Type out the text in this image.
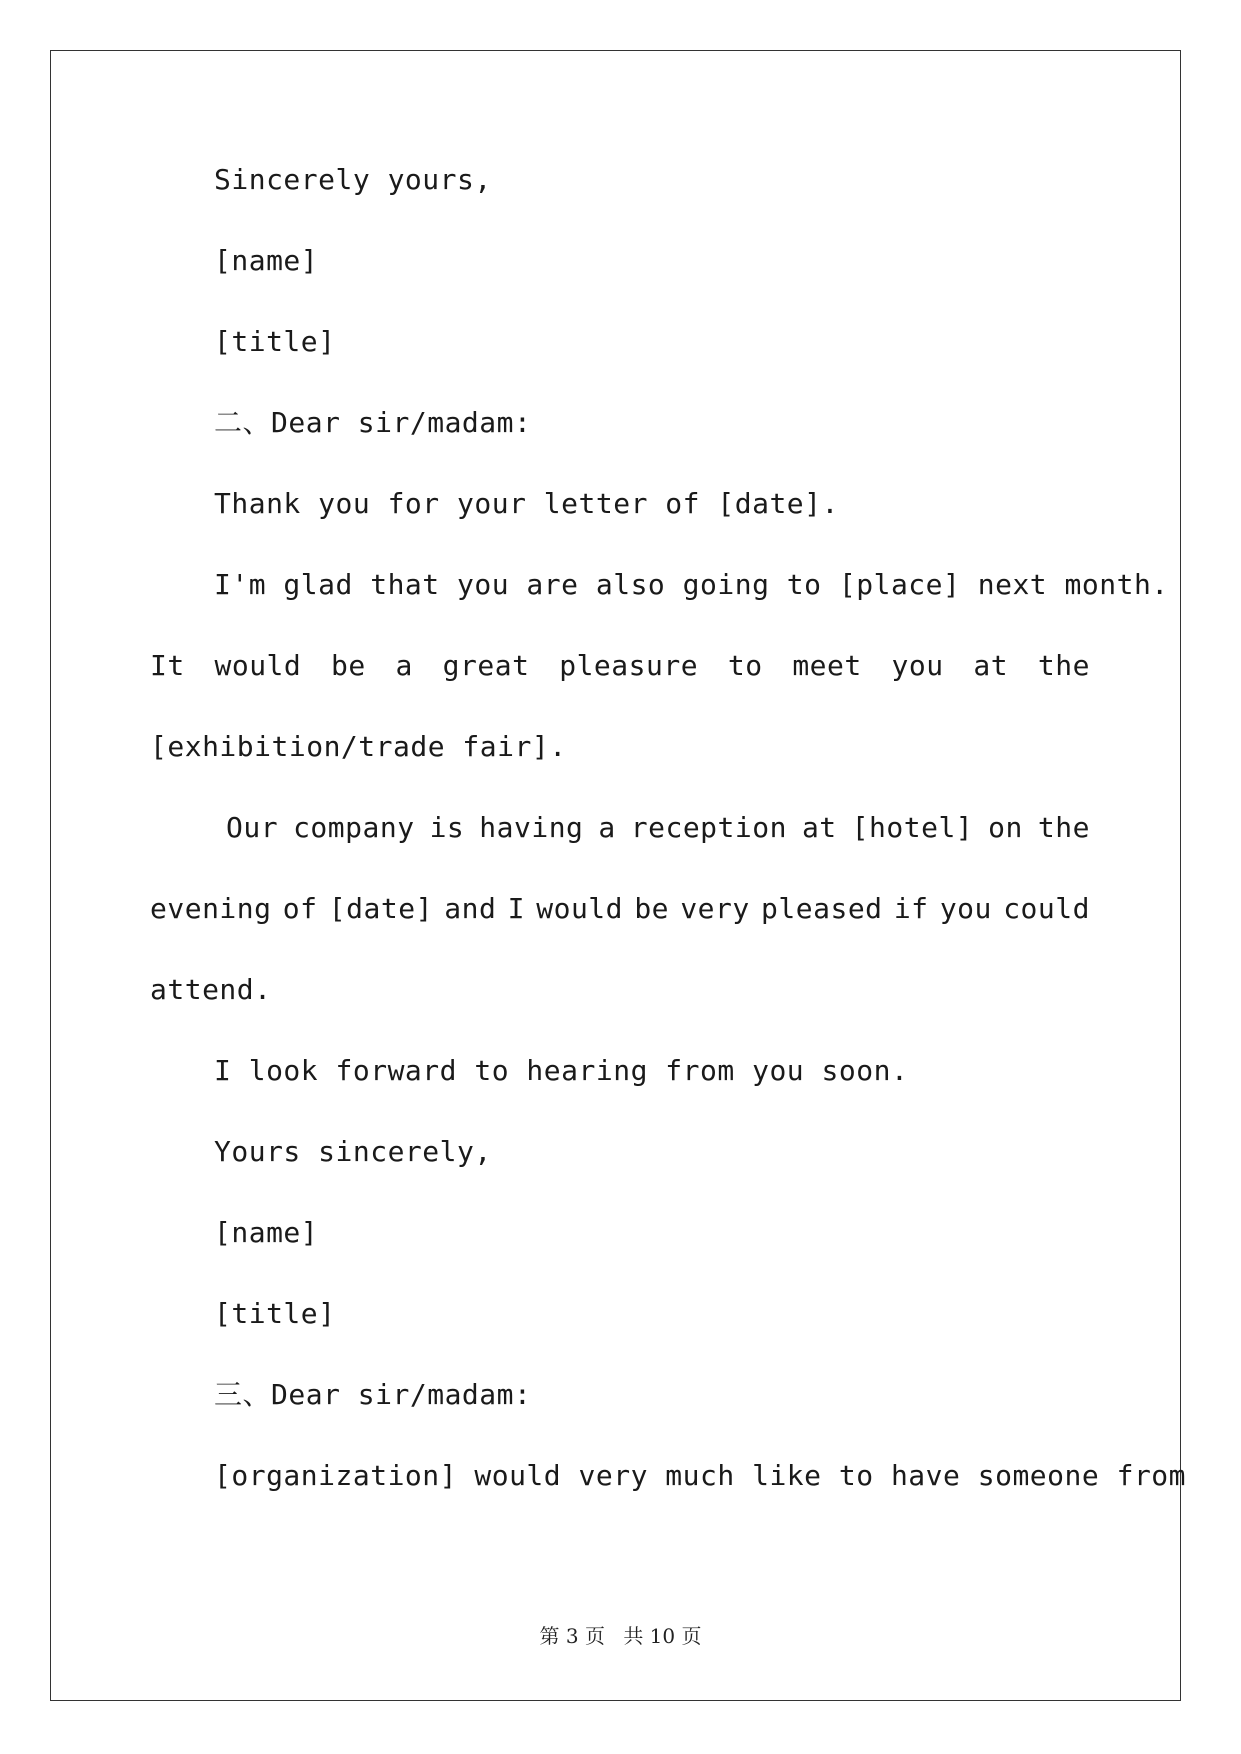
Sincerely yours,
[name]
[title]
二、Dear sir/madam:
Thank you for your letter of [date].
I'm glad that you are also going to [place] next month.
It would be a great pleasure to meet you at the
[exhibition/trade fair].
Our company is having a reception at [hotel] on the
evening of [date] and I would be very pleased if you could
attend.
I look forward to hearing from you soon.
Yours sincerely,
[name]
[title]
三、Dear sir/madam:
[organization] would very much like to have someone from
第 3 页 共 10 页
